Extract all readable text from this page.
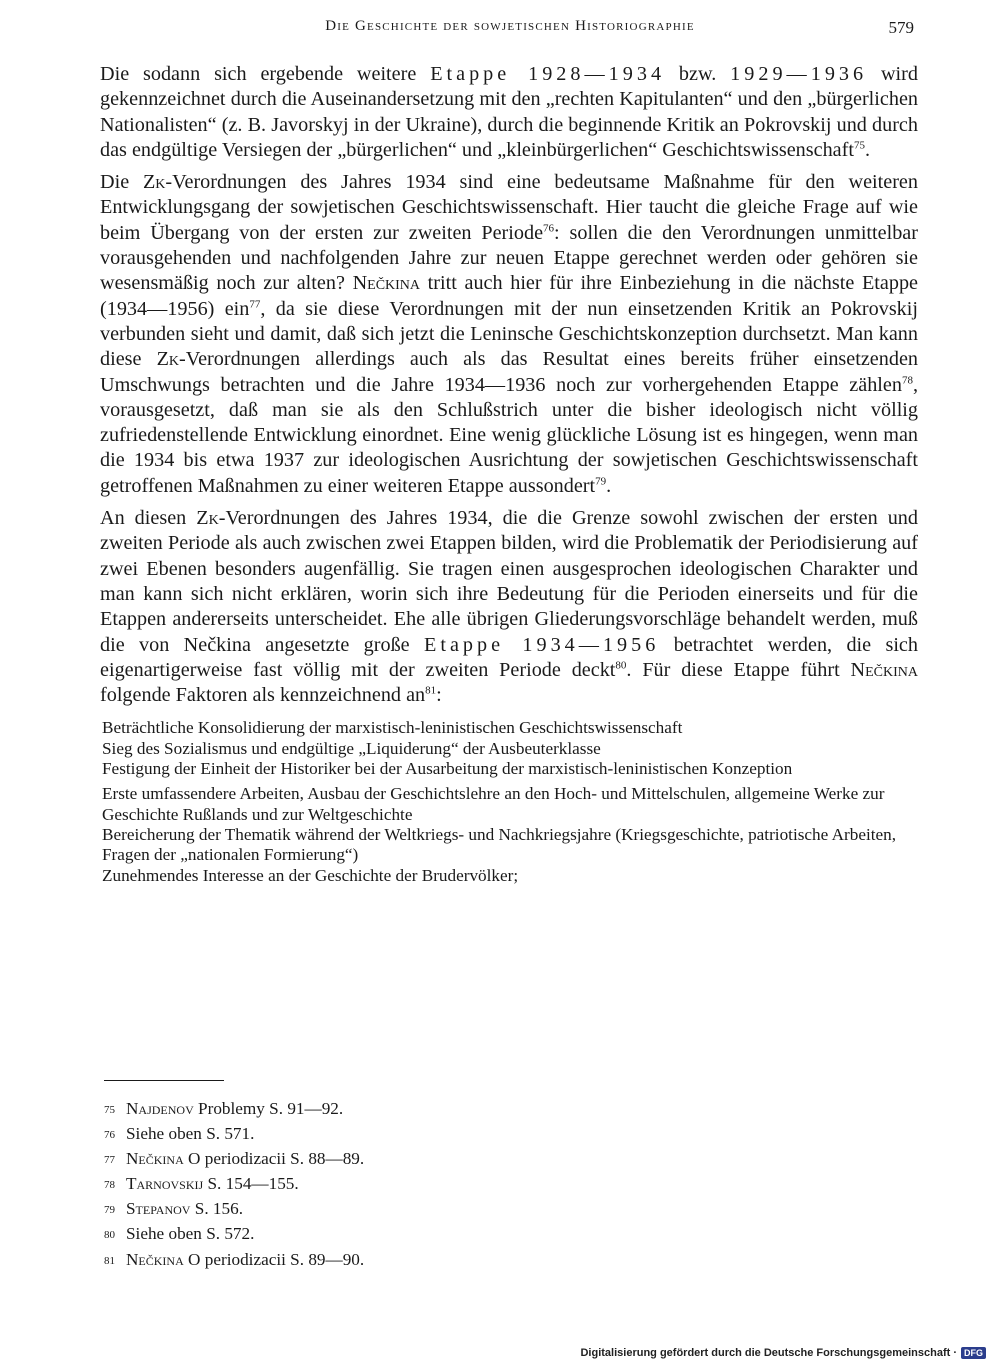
Die Geschichte der sowjetischen Historiographie	579

Die sodann sich ergebende weitere Etappe 1928—1934 bzw. 1929—1936 wird gekennzeichnet durch die Auseinandersetzung mit den „rechten Kapitulanten“ und den „bürgerlichen Nationalisten“ (z. B. Javorskyj in der Ukraine), durch die beginnende Kritik an Pokrovskij und durch das endgültige Versiegen der „bürgerlichen“ und „kleinbürgerlichen“ Geschichtswissenschaft$^{75}$.

Die Zk-Verordnungen des Jahres 1934 sind eine bedeutsame Maßnahme für den weiteren Entwicklungsgang der sowjetischen Geschichtswissenschaft. Hier taucht die gleiche Frage auf wie beim Übergang von der ersten zur zweiten Periode$^{76}$: sollen die den Verordnungen unmittelbar vorausgehenden und nachfolgenden Jahre zur neuen Etappe gerechnet werden oder gehören sie wesensmäßig noch zur alten? Nečkina tritt auch hier für ihre Einbeziehung in die nächste Etappe (1934—1956) ein$^{77}$, da sie diese Verordnungen mit der nun einsetzenden Kritik an Pokrovskij verbunden sieht und damit, daß sich jetzt die Leninsche Geschichtskonzeption durchsetzt. Man kann diese Zk-Verordnungen allerdings auch als das Resultat eines bereits früher einsetzenden Umschwungs betrachten und die Jahre 1934—1936 noch zur vorhergehenden Etappe zählen$^{78}$, vorausgesetzt, daß man sie als den Schlußstrich unter die bisher ideologisch nicht völlig zufriedenstellende Entwicklung einordnet. Eine wenig glückliche Lösung ist es hingegen, wenn man die 1934 bis etwa 1937 zur ideologischen Ausrichtung der sowjetischen Geschichtswissenschaft getroffenen Maßnahmen zu einer weiteren Etappe aussondert$^{79}$.

An diesen Zk-Verordnungen des Jahres 1934, die die Grenze sowohl zwischen der ersten und zweiten Periode als auch zwischen zwei Etappen bilden, wird die Problematik der Periodisierung auf zwei Ebenen besonders augenfällig. Sie tragen einen ausgesprochen ideologischen Charakter und man kann sich nicht erklären, worin sich ihre Bedeutung für die Perioden einerseits und für die Etappen andererseits unterscheidet. Ehe alle übrigen Gliederungsvorschläge behandelt werden, muß die von Nečkina angesetzte große Etappe 1934—1956 betrachtet werden, die sich eigenartigerweise fast völlig mit der zweiten Periode deckt$^{80}$. Für diese Etappe führt Nečkina folgende Faktoren als kennzeichnend $an^{81}$:

Beträchtliche Konsolidierung der marxistisch-leninistischen Geschichtswissenschaft
Sieg des Sozialismus und endgültige „Liquiderung“ der Ausbeuterklasse
Festigung der Einheit der Historiker bei der Ausarbeitung der marxistisch-leninistischen Konzeption
Erste umfassendere Arbeiten, Ausbau der Geschichtslehre an den Hoch- und Mittelschulen, allgemeine Werke zur Geschichte Rußlands und zur Weltgeschichte
Bereicherung der Thematik während der Weltkriegs- und Nachkriegsjahre (Kriegsgeschichte, patriotische Arbeiten, Fragen der „nationalen Formierung“)
Zunehmendes Interesse an der Geschichte der Brudervölker;
75 Najdenov Problemy S. 91—92.
76 Siehe oben S. 571.
77 Nečkina O periodizacii S. 88—89.
78 Tarnovskij S. 154—155.
79 Stepanov S. 156.
80 Siehe oben S. 572.
81 Nečkina O periodizacii S. 89—90.
Digitalisierung gefördert durch die Deutsche Forschungsgemeinschaft · DFG
